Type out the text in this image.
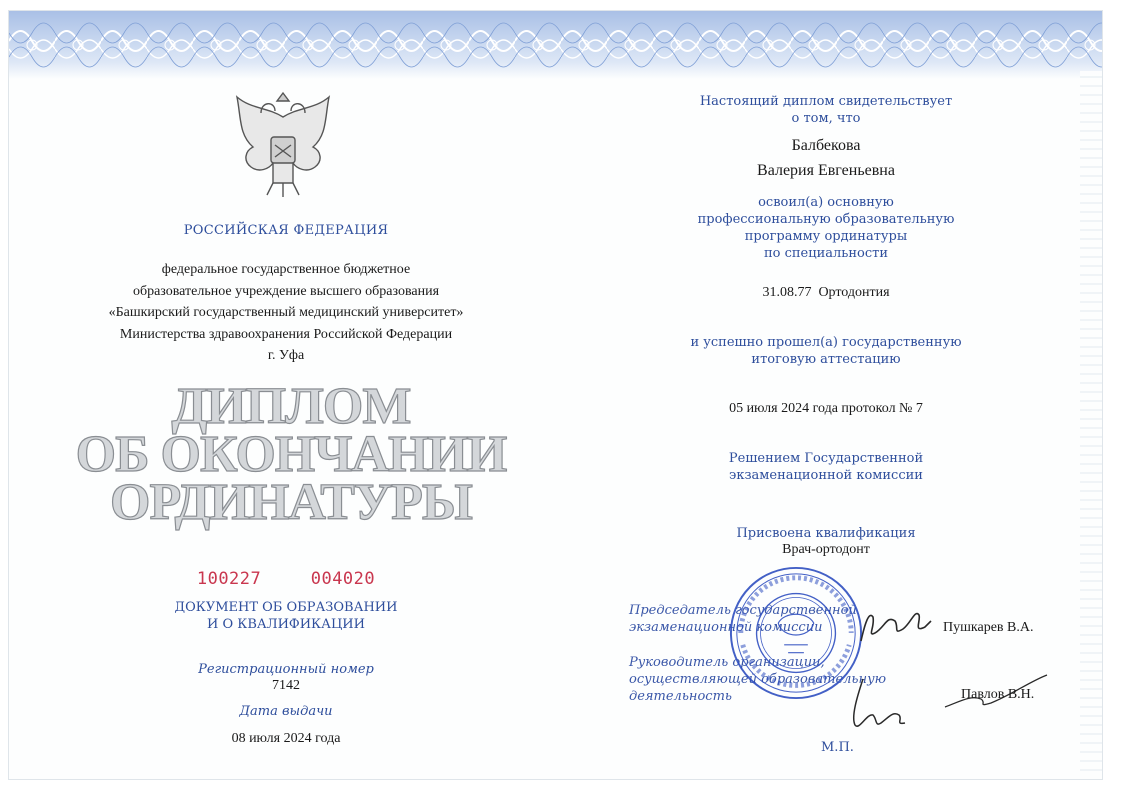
РОССИЙСКАЯ ФЕДЕРАЦИЯ
федеральное государственное бюджетное
образовательное учреждение высшего образования
«Башкирский государственный медицинский университет»
Министерства здравоохранения Российской Федерации
г. Уфа
ДИПЛОМ
ОБ ОКОНЧАНИИ
ОРДИНАТУРЫ
100227  004020
ДОКУМЕНТ ОБ ОБРАЗОВАНИИ
И О КВАЛИФИКАЦИИ
Регистрационный номер
7142
Дата выдачи
08 июля 2024 года
Настоящий диплом свидетельствует
о том, что
Балбекова
Валерия Евгеньевна
освоил(а) основную
профессиональную образовательную
программу ординатуры
по специальности
31.08.77  Ортодонтия
и успешно прошел(а) государственную
итоговую аттестацию
05 июля 2024 года протокол № 7
Решением Государственной
экзаменационной комиссии
Присвоена квалификация
Врач-ортодонт
Председатель государственной
экзаменационной комиссии
Руководитель организации,
осуществляющей образовательную
деятельность
Пушкарев В.А.
Павлов В.Н.
М.П.
